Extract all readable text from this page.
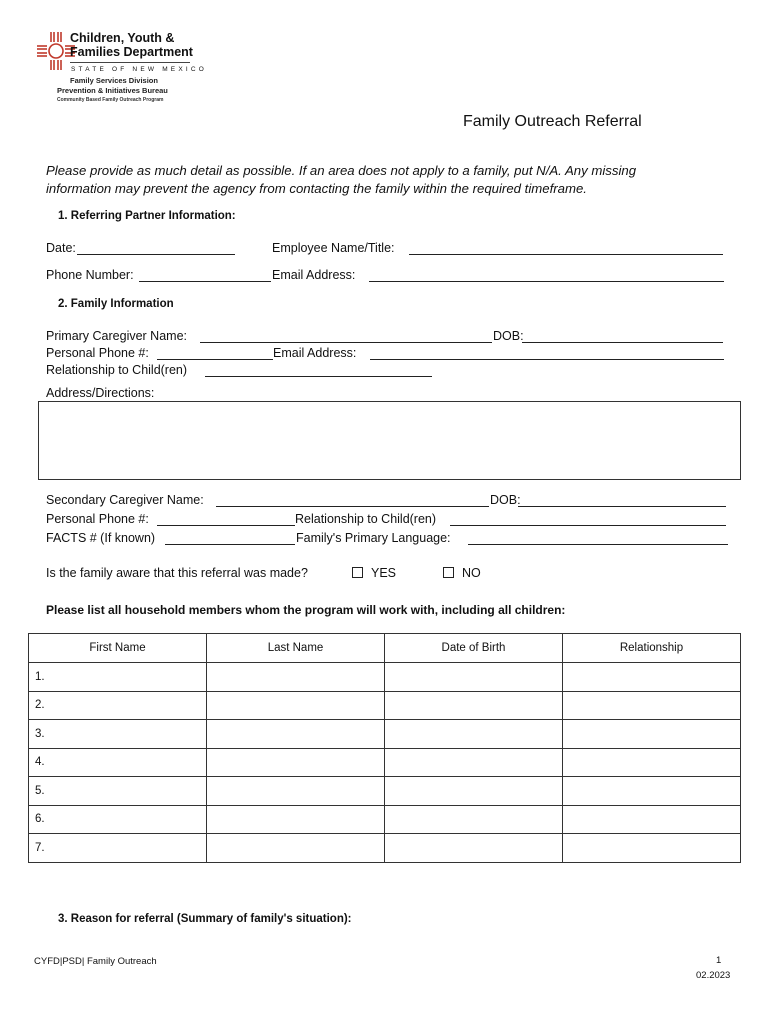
Children, Youth &
Families Department
STATE OF NEW MEXICO
Family Services Division
Prevention & Initiatives Bureau
Community Based Family Outreach Program
Family Outreach Referral
Please provide as much detail as possible. If an area does not apply to a family, put N/A. Any missing
information may prevent the agency from contacting the family within the required timeframe.
1. Referring Partner Information:
Date:	Employee Name/Title:
Phone Number:	Email Address:
2. Family Information
Primary Caregiver Name:	DOB:
Personal Phone #:	Email Address:
Relationship to Child(ren)
Address/Directions:
Secondary Caregiver Name:	DOB:
Personal Phone #:	Relationship to Child(ren)
FACTS # (If known)	Family's Primary Language:
Is the family aware that this referral was made?	YES	NO
Please list all household members whom the program will work with, including all children:
First Name	Last Name	Date of Birth	Relationship
1.			
2.			
3.			
4.			
5.			
6.			
7.			
3. Reason for referral (Summary of family's situation):
CYFD|PSD| Family Outreach	1
02.2023
